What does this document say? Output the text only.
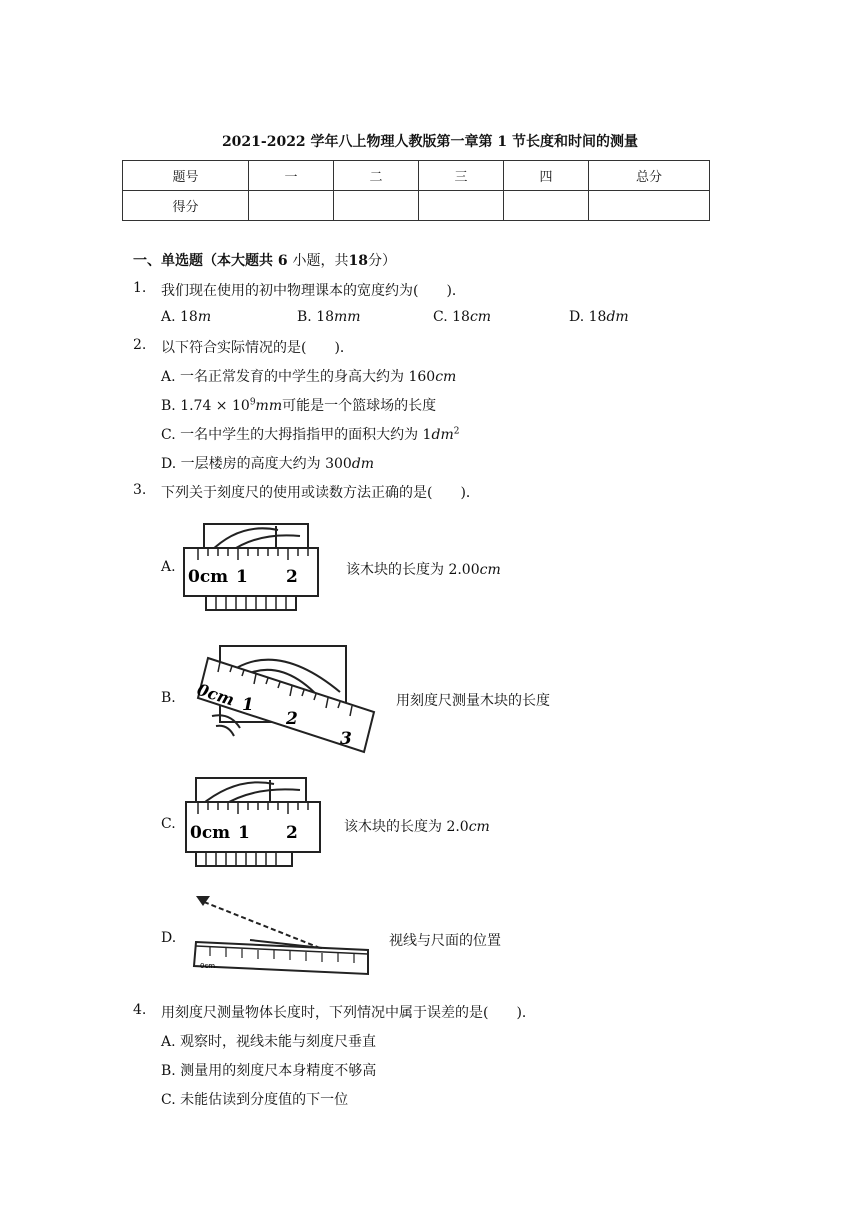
2021-2022 学年八上物理人教版第一章第 1 节长度和时间的测量
题号	一	二	三	四	总分
得分					
一、单选题（本大题共 6 小题，共18分）
1. 我们现在使用的初中物理课本的宽度约为(　　)．
A. 18m	B. 18mm	C. 18cm	D. 18dm
2. 以下符合实际情况的是(　　)．
A. 一名正常发育的中学生的身高大约为 160cm
B. $1.74 \times 10^9mm$可能是一个篮球场的长度
C. 一名中学生的大拇指指甲的面积大约为 $1dm^2$
D. 一层楼房的高度大约为 300dm
3. 下列关于刻度尺的使用或读数方法正确的是(　　)．
A. 0cm 1 2	该木块的长度为 2.00cm
B. 0cm 1
2
3
用刻度尺测量木块的长度
C. 0cm 1 2	该木块的长度为 2.0cm
D.
0cm
视线与尺面的位置
4. 用刻度尺测量物体长度时，下列情况中属于误差的是(　　)．
A. 观察时，视线未能与刻度尺垂直
B. 测量用的刻度尺本身精度不够高
C. 未能估读到分度值的下一位
